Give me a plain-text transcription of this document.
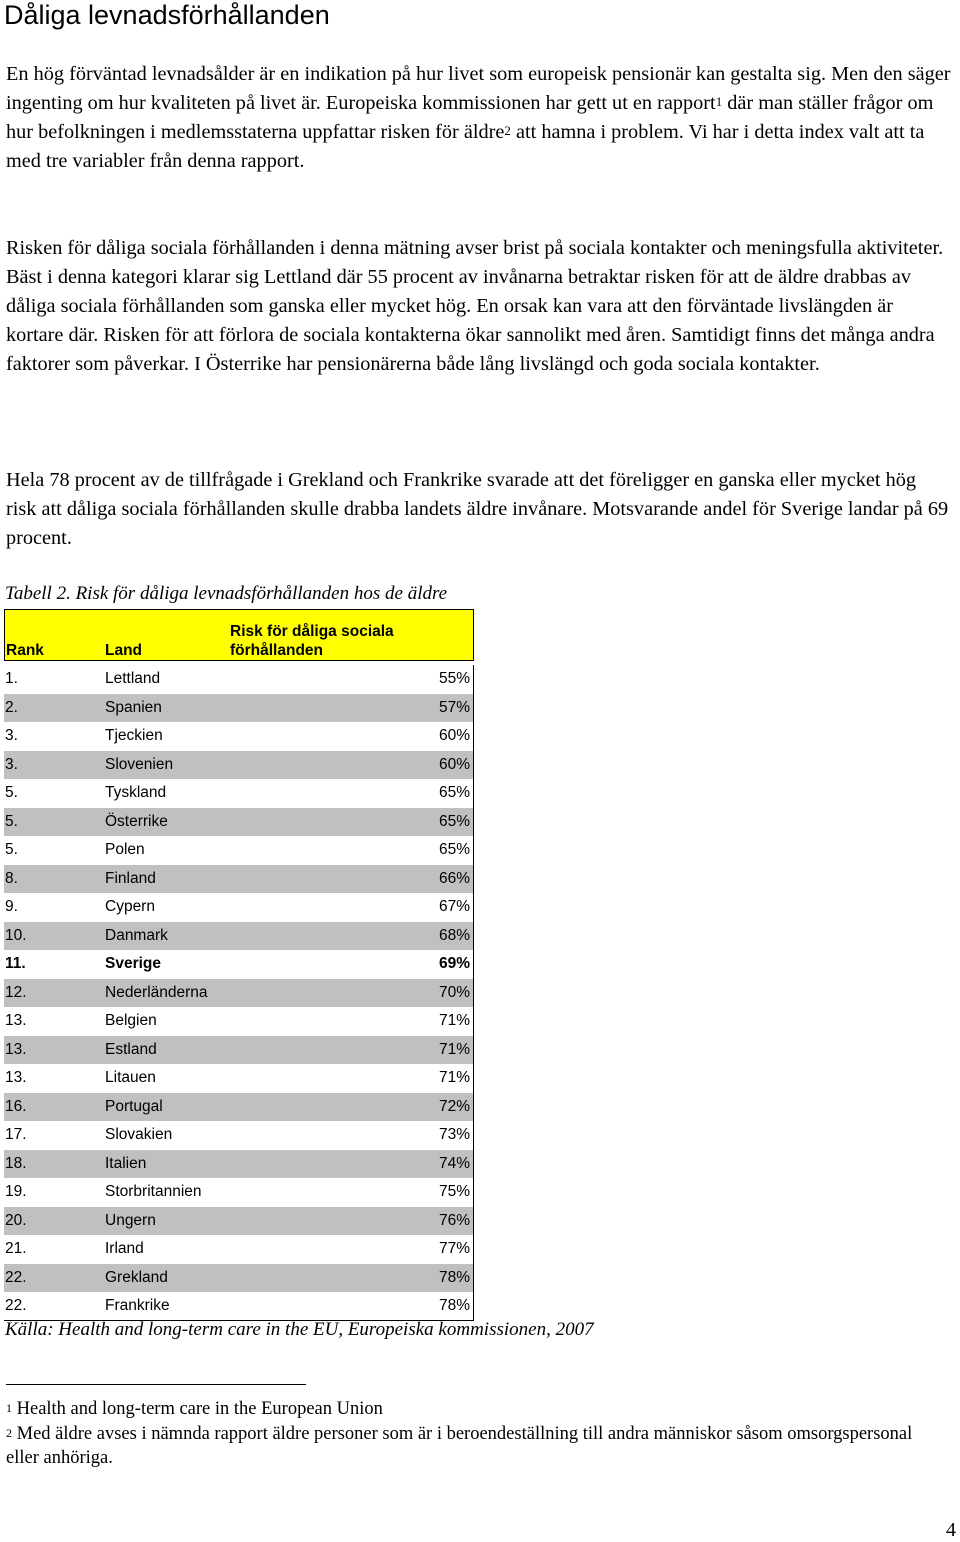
Dåliga levnadsförhållanden

En hög förväntad levnadsålder är en indikation på hur livet som europeisk pensionär kan gestalta sig. Men den säger ingenting om hur kvaliteten på livet är. Europeiska kommissionen har gett ut en rapport$^1$ där man ställer frågor om hur befolkningen i medlemsstaterna uppfattar risken för äldre$^2$ att hamna i problem. Vi har i detta index valt att ta med tre variabler från denna rapport.

Risken för dåliga sociala förhållanden i denna mätning avser brist på sociala kontakter och meningsfulla aktiviteter. Bäst i denna kategori klarar sig Lettland där 55 procent av invånarna betraktar risken för att de äldre drabbas av dåliga sociala förhållanden som ganska eller mycket hög. En orsak kan vara att den förväntade livslängden är kortare där. Risken för att förlora de sociala kontakterna ökar sannolikt med åren. Samtidigt finns det många andra faktorer som påverkar. I Österrike har pensionärerna både lång livslängd och goda sociala kontakter.

Hela 78 procent av de tillfrågade i Grekland och Frankrike svarade att det föreligger en ganska eller mycket hög risk att dåliga sociala förhållanden skulle drabba landets äldre invånare. Motsvarande andel för Sverige landar på 69 procent.

Tabell 2. Risk för dåliga levnadsförhållanden hos de äldre

Rank	Land
Risk för dåliga sociala
förhållanden
1.	Lettland	55%
2.	Spanien	57%
3.	Tjeckien	60%
3.	Slovenien	60%
5.	Tyskland	65%
5.	Österrike	65%
5.	Polen	65%
8.	Finland	66%
9.	Cypern	67%
10.	Danmark	68%
11.	Sverige	69%
12.	Nederländerna	70%
13.	Belgien	71%
13.	Estland	71%
13.	Litauen	71%
16.	Portugal	72%
17.	Slovakien	73%
18.	Italien	74%
19.	Storbritannien	75%
20.	Ungern	76%
21.	Irland	77%
22.	Grekland	78%
22.	Frankrike	78%

Källa: Health and long-term care in the EU, Europeiska kommissionen, 2007

$^1$ Health and long-term care in the European Union

$^2$ Med äldre avses i nämnda rapport äldre personer som är i beroendeställning till andra människor såsom omsorgspersonal eller anhöriga.

4
